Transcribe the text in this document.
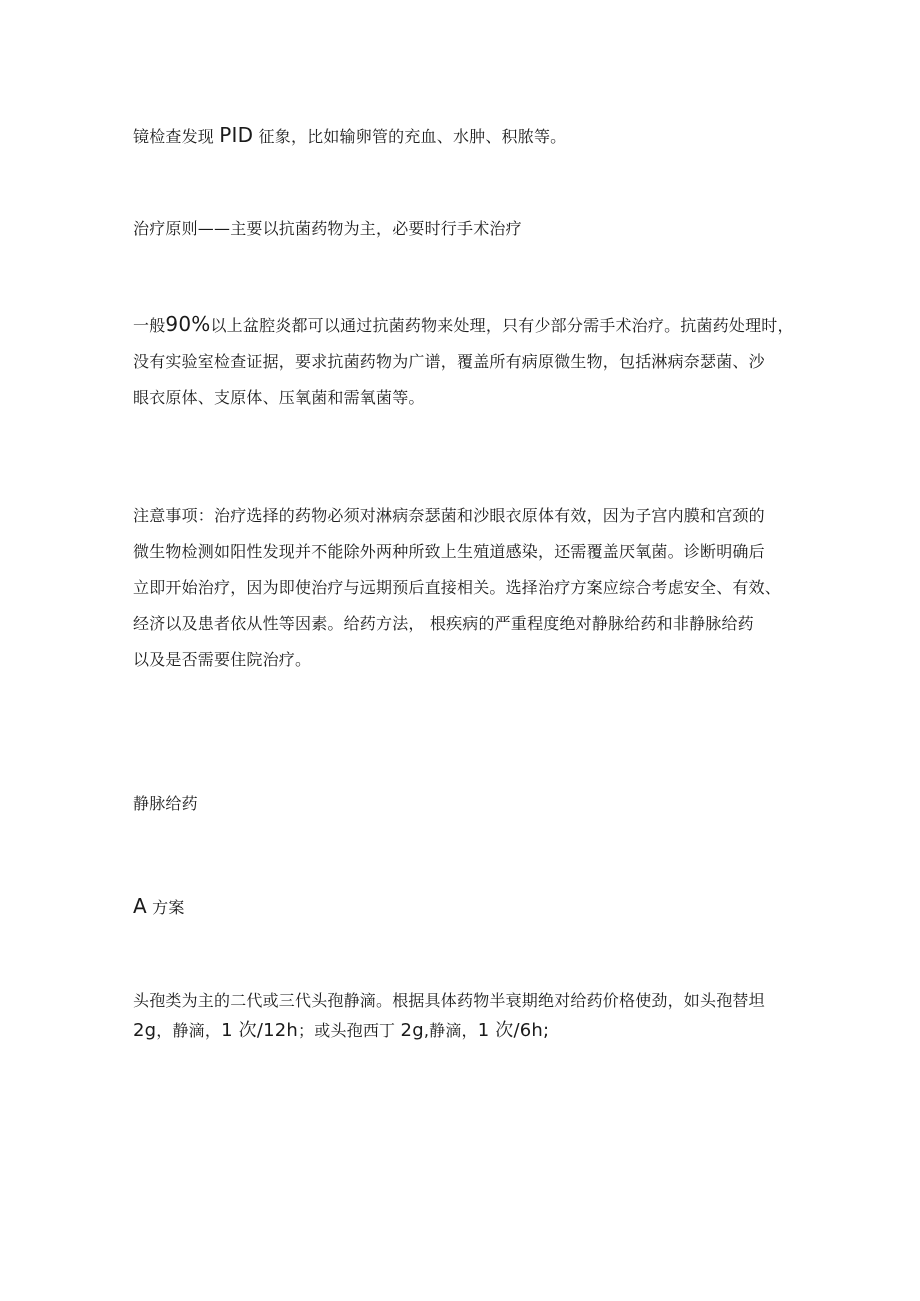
镜检查发现 PID 征象，比如输卵管的充血、水肿、积脓等。

治疗原则——主要以抗菌药物为主，必要时行手术治疗

一般90%以上盆腔炎都可以通过抗菌药物来处理，只有少部分需手术治疗。抗菌药处理时，
没有实验室检查证据，要求抗菌药物为广谱，覆盖所有病原微生物，包括淋病奈瑟菌、沙
眼衣原体、支原体、压氧菌和需氧菌等。

注意事项：治疗选择的药物必须对淋病奈瑟菌和沙眼衣原体有效，因为子宫内膜和宫颈的
微生物检测如阳性发现并不能除外两种所致上生殖道感染，还需覆盖厌氧菌。诊断明确后
立即开始治疗，因为即使治疗与远期预后直接相关。选择治疗方案应综合考虑安全、有效、
经济以及患者依从性等因素。给药方法， 根疾病的严重程度绝对静脉给药和非静脉给药
以及是否需要住院治疗。

静脉给药

A 方案

头孢类为主的二代或三代头孢静滴。根据具体药物半衰期绝对给药价格使劲，如头孢替坦
2g，静滴，1 次/12h；或头孢西丁 2g,静滴，1 次/6h;
